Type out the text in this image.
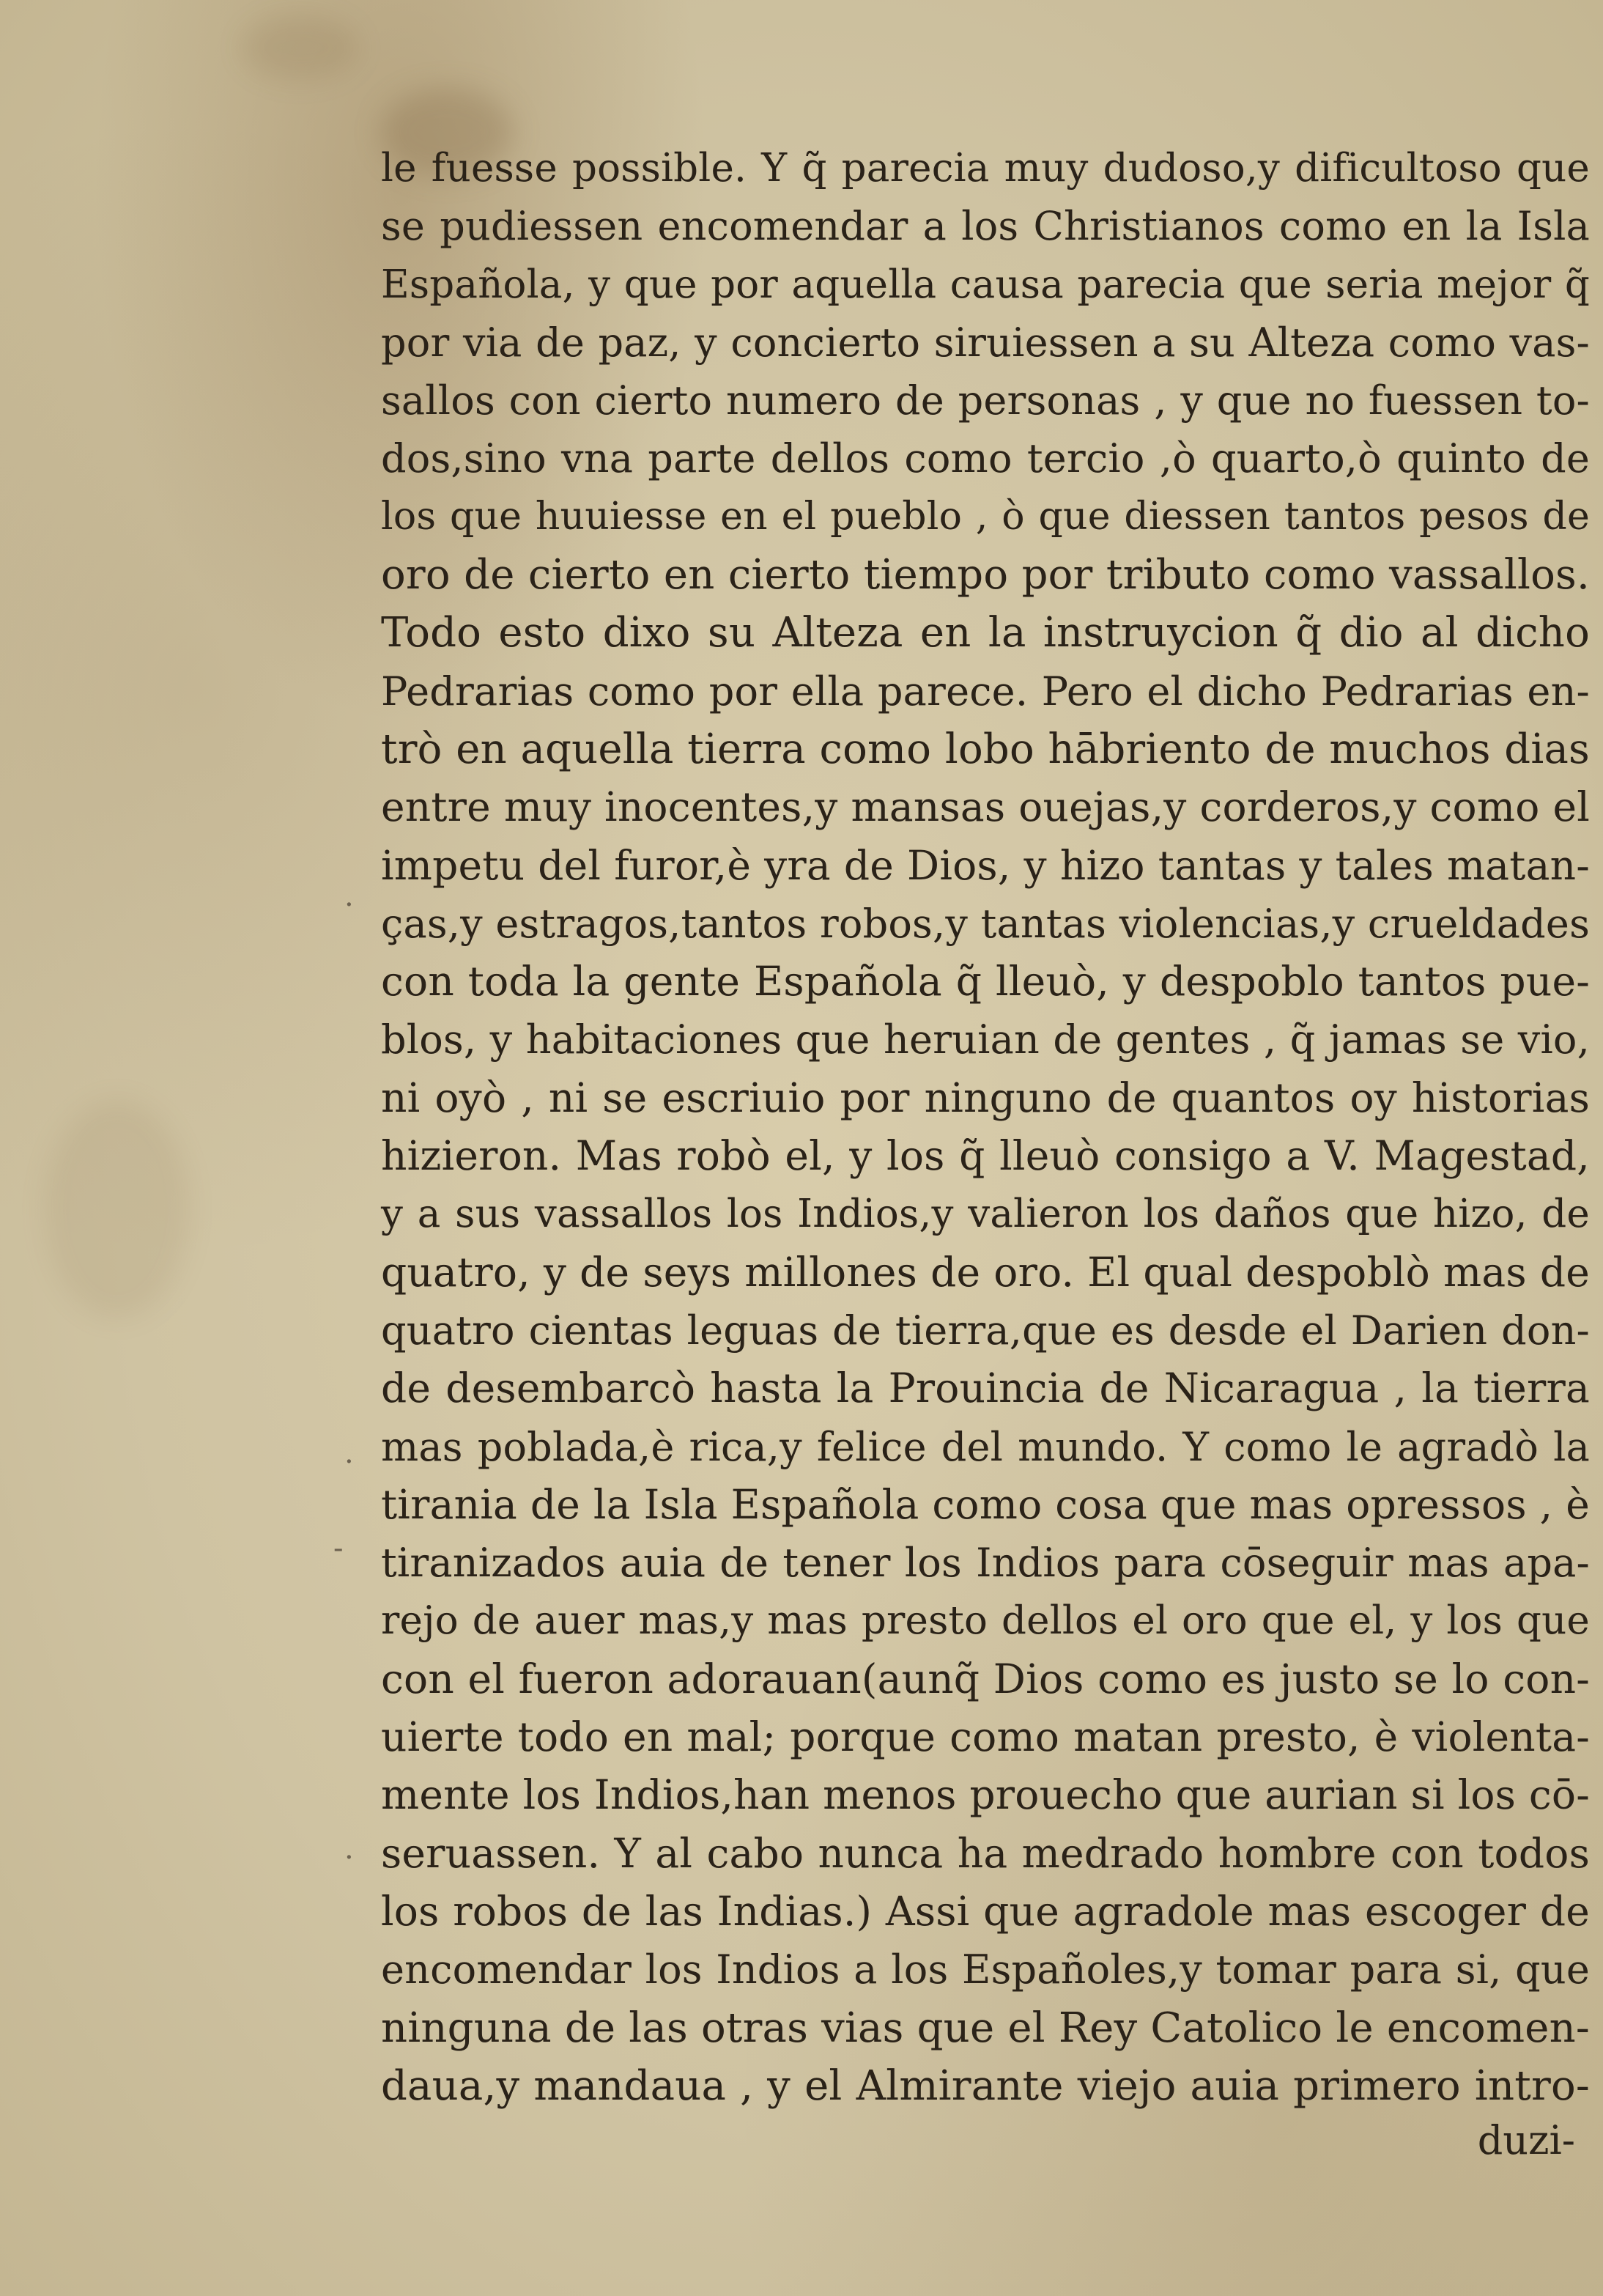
.
.
-
.
le fuesse possible. Y q̃ parecia muy dudoso,y dificultoso que
se pudiessen encomendar a los Christianos como en la Isla
Española, y que por aquella causa parecia que seria mejor q̃
por via de paz, y concierto siruiessen a su Alteza como vas-
sallos con cierto numero de personas , y que no fuessen to-
dos,sino vna parte dellos como tercio ,ò quarto,ò quinto de
los que huuiesse en el pueblo , ò que diessen tantos pesos de
oro de cierto en cierto tiempo por tributo como vassallos.
Todo esto dixo su Alteza en la instruycion q̃ dio al dicho
Pedrarias como por ella parece. Pero el dicho Pedrarias en-
trò en aquella tierra como lobo hābriento de muchos dias
entre muy inocentes,y mansas ouejas,y corderos,y como el
impetu del furor,è yra de Dios, y hizo tantas y tales matan-
ças,y estragos,tantos robos,y tantas violencias,y crueldades
con toda la gente Española q̃ lleuò, y despoblo tantos pue-
blos, y habitaciones que heruian de gentes , q̃ jamas se vio,
ni oyò , ni se escriuio por ninguno de quantos oy historias
hizieron. Mas robò el, y los q̃ lleuò consigo a V. Magestad,
y a sus vassallos los Indios,y valieron los daños que hizo, de
quatro, y de seys millones de oro. El qual despoblò mas de
quatro cientas leguas de tierra,que es desde el Darien don-
de desembarcò hasta la Prouincia de Nicaragua , la tierra
mas poblada,è rica,y felice del mundo. Y como le agradò la
tirania de la Isla Española como cosa que mas opressos , è
tiranizados auia de tener los Indios para cōseguir mas apa-
rejo de auer mas,y mas presto dellos el oro que el, y los que
con el fueron adorauan(aunq̃ Dios como es justo se lo con-
uierte todo en mal; porque como matan presto, è violenta-
mente los Indios,han menos prouecho que aurian si los cō-
seruassen. Y al cabo nunca ha medrado hombre con todos
los robos de las Indias.) Assi que agradole mas escoger de
encomendar los Indios a los Españoles,y tomar para si, que
ninguna de las otras vias que el Rey Catolico le encomen-
daua,y mandaua , y el Almirante viejo auia primero intro-
duzi-
